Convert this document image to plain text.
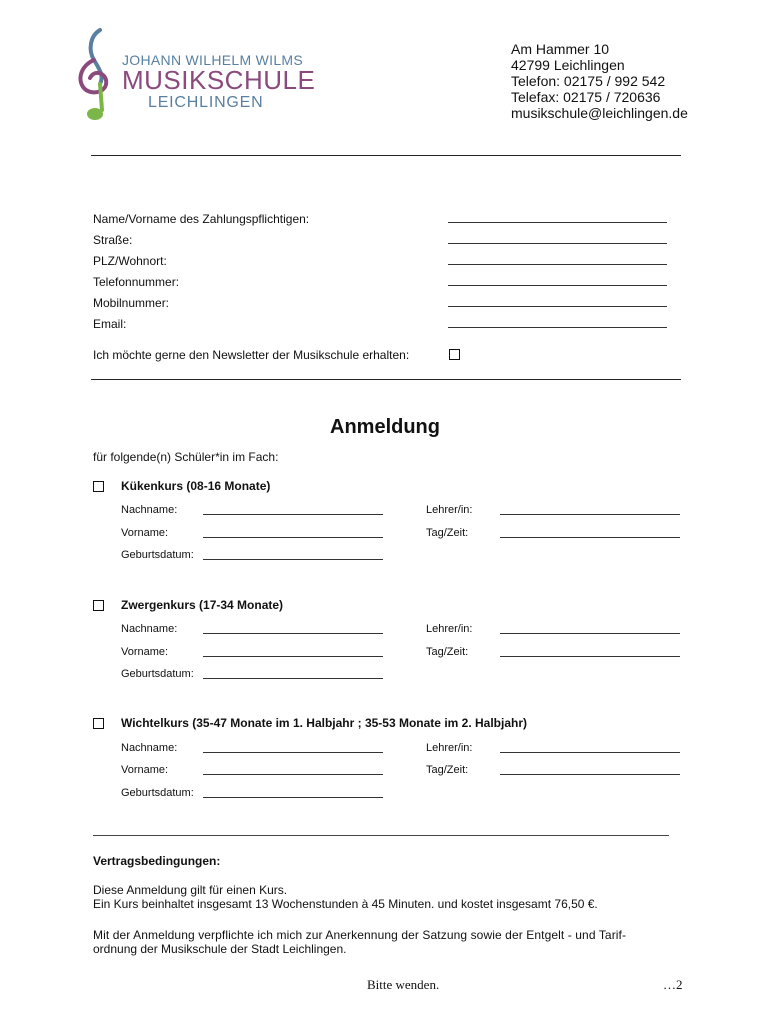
JOHANN WILHELM WILMS
MUSIKSCHULE
LEICHLINGEN
Am Hammer 10
42799 Leichlingen
Telefon: 02175 / 992 542
Telefax: 02175 / 720636
musikschule@leichlingen.de
Name/Vorname des Zahlungspflichtigen:
Straße:
PLZ/Wohnort:
Telefonnummer:
Mobilnummer:
Email:
Ich möchte gerne den Newsletter der Musikschule erhalten:
Anmeldung
für folgende(n) Schüler*in im Fach:
Kükenkurs (08-16 Monate)
Nachname:	Lehrer/in:
Vorname:	Tag/Zeit:
Geburtsdatum:
Zwergenkurs (17-34 Monate)
Nachname:	Lehrer/in:
Vorname:	Tag/Zeit:
Geburtsdatum:
Wichtelkurs (35-47 Monate im 1. Halbjahr ; 35-53 Monate im 2. Halbjahr)
Nachname:	Lehrer/in:
Vorname:	Tag/Zeit:
Geburtsdatum:
Vertragsbedingungen:
Diese Anmeldung gilt für einen Kurs.
Ein Kurs beinhaltet insgesamt 13 Wochenstunden à 45 Minuten. und kostet insgesamt 76,50 €.
Mit der Anmeldung verpflichte ich mich zur Anerkennung der Satzung sowie der Entgelt - und Tarif-
ordnung der Musikschule der Stadt Leichlingen.
Bitte wenden.	…2
